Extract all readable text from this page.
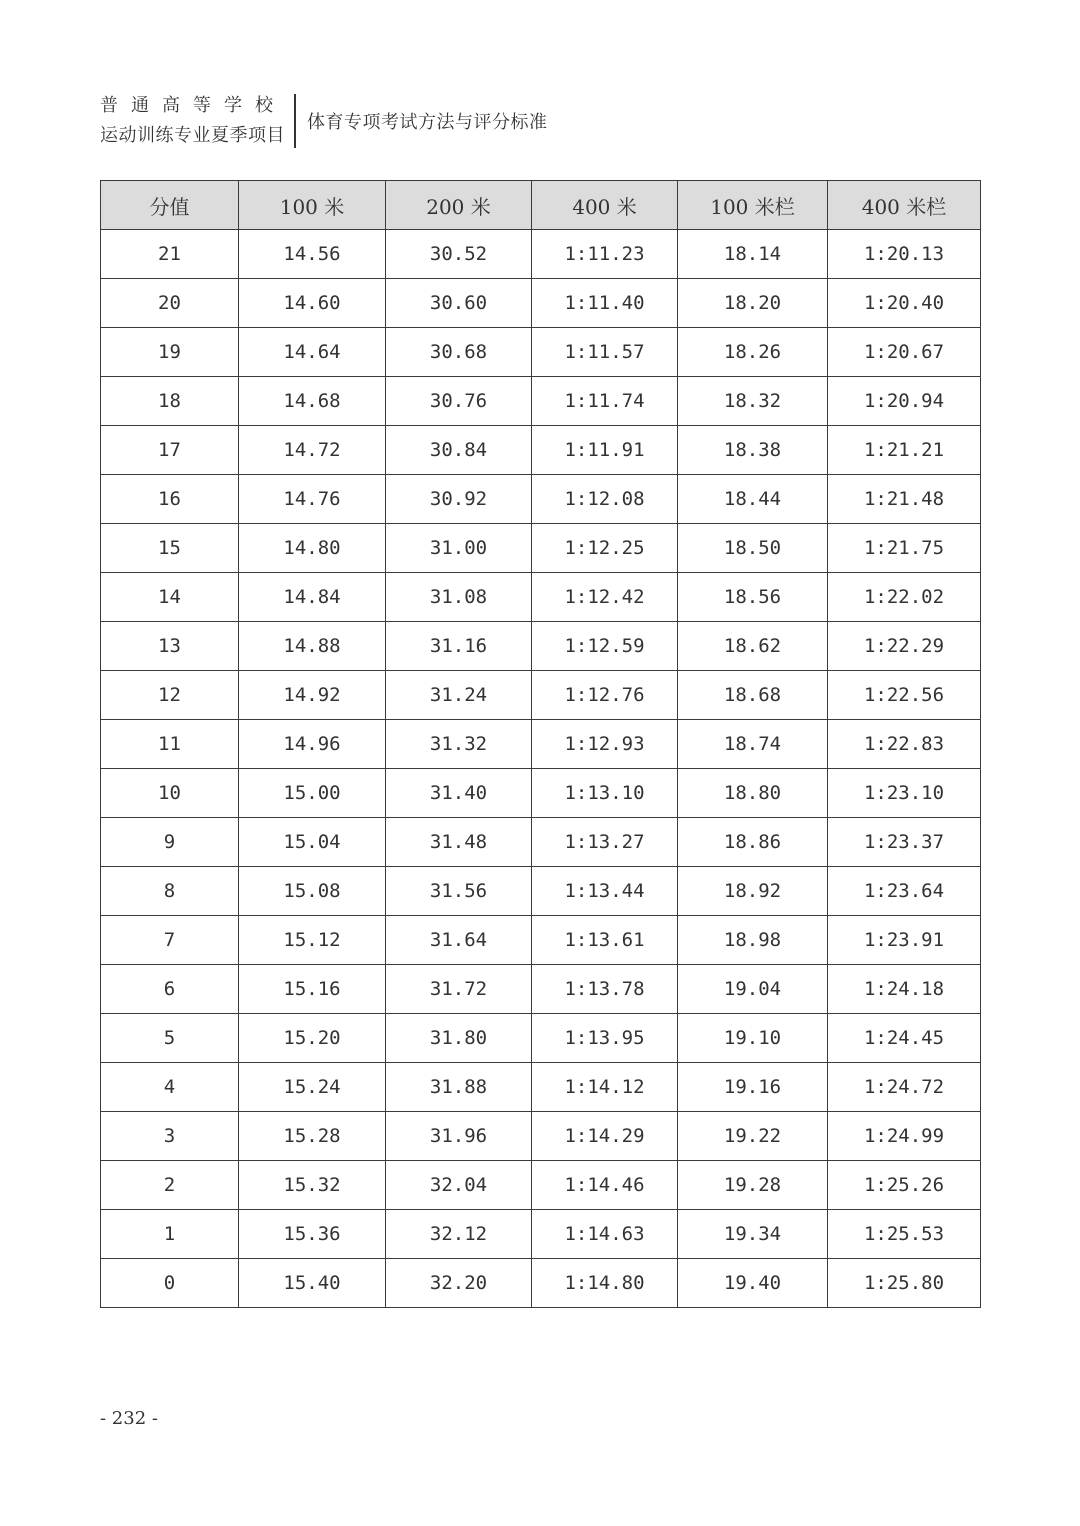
普通高等学校
运动训练专业夏季项目
体育专项考试方法与评分标准
分值	100 米	200 米	400 米	100 米栏	400 米栏
21	14.56	30.52	1:11.23	18.14	1:20.13
20	14.60	30.60	1:11.40	18.20	1:20.40
19	14.64	30.68	1:11.57	18.26	1:20.67
18	14.68	30.76	1:11.74	18.32	1:20.94
17	14.72	30.84	1:11.91	18.38	1:21.21
16	14.76	30.92	1:12.08	18.44	1:21.48
15	14.80	31.00	1:12.25	18.50	1:21.75
14	14.84	31.08	1:12.42	18.56	1:22.02
13	14.88	31.16	1:12.59	18.62	1:22.29
12	14.92	31.24	1:12.76	18.68	1:22.56
11	14.96	31.32	1:12.93	18.74	1:22.83
10	15.00	31.40	1:13.10	18.80	1:23.10
9	15.04	31.48	1:13.27	18.86	1:23.37
8	15.08	31.56	1:13.44	18.92	1:23.64
7	15.12	31.64	1:13.61	18.98	1:23.91
6	15.16	31.72	1:13.78	19.04	1:24.18
5	15.20	31.80	1:13.95	19.10	1:24.45
4	15.24	31.88	1:14.12	19.16	1:24.72
3	15.28	31.96	1:14.29	19.22	1:24.99
2	15.32	32.04	1:14.46	19.28	1:25.26
1	15.36	32.12	1:14.63	19.34	1:25.53
0	15.40	32.20	1:14.80	19.40	1:25.80
- 232 -
